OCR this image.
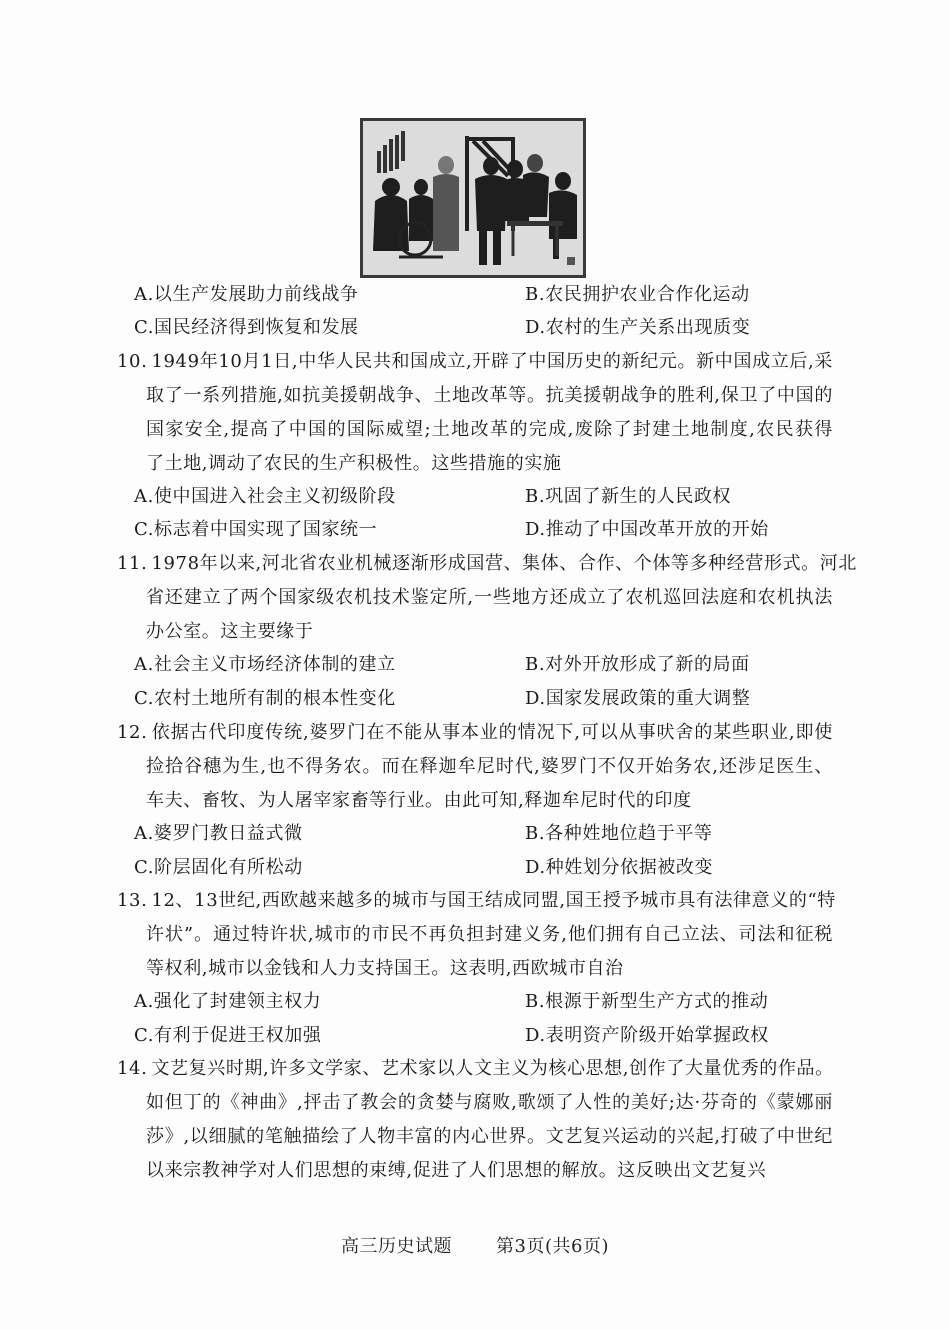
A.以生产发展助力前线战争	B.农民拥护农业合作化运动
C.国民经济得到恢复和发展	D.农村的生产关系出现质变
10. 1949年10月1日,中华人民共和国成立,开辟了中国历史的新纪元。新中国成立后,采
取了一系列措施,如抗美援朝战争、土地改革等。抗美援朝战争的胜利,保卫了中国的
国家安全,提高了中国的国际威望;土地改革的完成,废除了封建土地制度,农民获得
了土地,调动了农民的生产积极性。这些措施的实施
A.使中国进入社会主义初级阶段	B.巩固了新生的人民政权
C.标志着中国实现了国家统一	D.推动了中国改革开放的开始
11. 1978年以来,河北省农业机械逐渐形成国营、集体、合作、个体等多种经营形式。河北
省还建立了两个国家级农机技术鉴定所,一些地方还成立了农机巡回法庭和农机执法
办公室。这主要缘于
A.社会主义市场经济体制的建立	B.对外开放形成了新的局面
C.农村土地所有制的根本性变化	D.国家发展政策的重大调整
12. 依据古代印度传统,婆罗门在不能从事本业的情况下,可以从事吠舍的某些职业,即使
捡拾谷穗为生,也不得务农。而在释迦牟尼时代,婆罗门不仅开始务农,还涉足医生、
车夫、畜牧、为人屠宰家畜等行业。由此可知,释迦牟尼时代的印度
A.婆罗门教日益式微	B.各种姓地位趋于平等
C.阶层固化有所松动	D.种姓划分依据被改变
13. 12、13世纪,西欧越来越多的城市与国王结成同盟,国王授予城市具有法律意义的“特
许状”。通过特许状,城市的市民不再负担封建义务,他们拥有自己立法、司法和征税
等权利,城市以金钱和人力支持国王。这表明,西欧城市自治
A.强化了封建领主权力	B.根源于新型生产方式的推动
C.有利于促进王权加强	D.表明资产阶级开始掌握政权
14. 文艺复兴时期,许多文学家、艺术家以人文主义为核心思想,创作了大量优秀的作品。
如但丁的《神曲》,抨击了教会的贪婪与腐败,歌颂了人性的美好;达·芬奇的《蒙娜丽
莎》,以细腻的笔触描绘了人物丰富的内心世界。文艺复兴运动的兴起,打破了中世纪
以来宗教神学对人们思想的束缚,促进了人们思想的解放。这反映出文艺复兴
高三历史试题 第3页(共6页)
